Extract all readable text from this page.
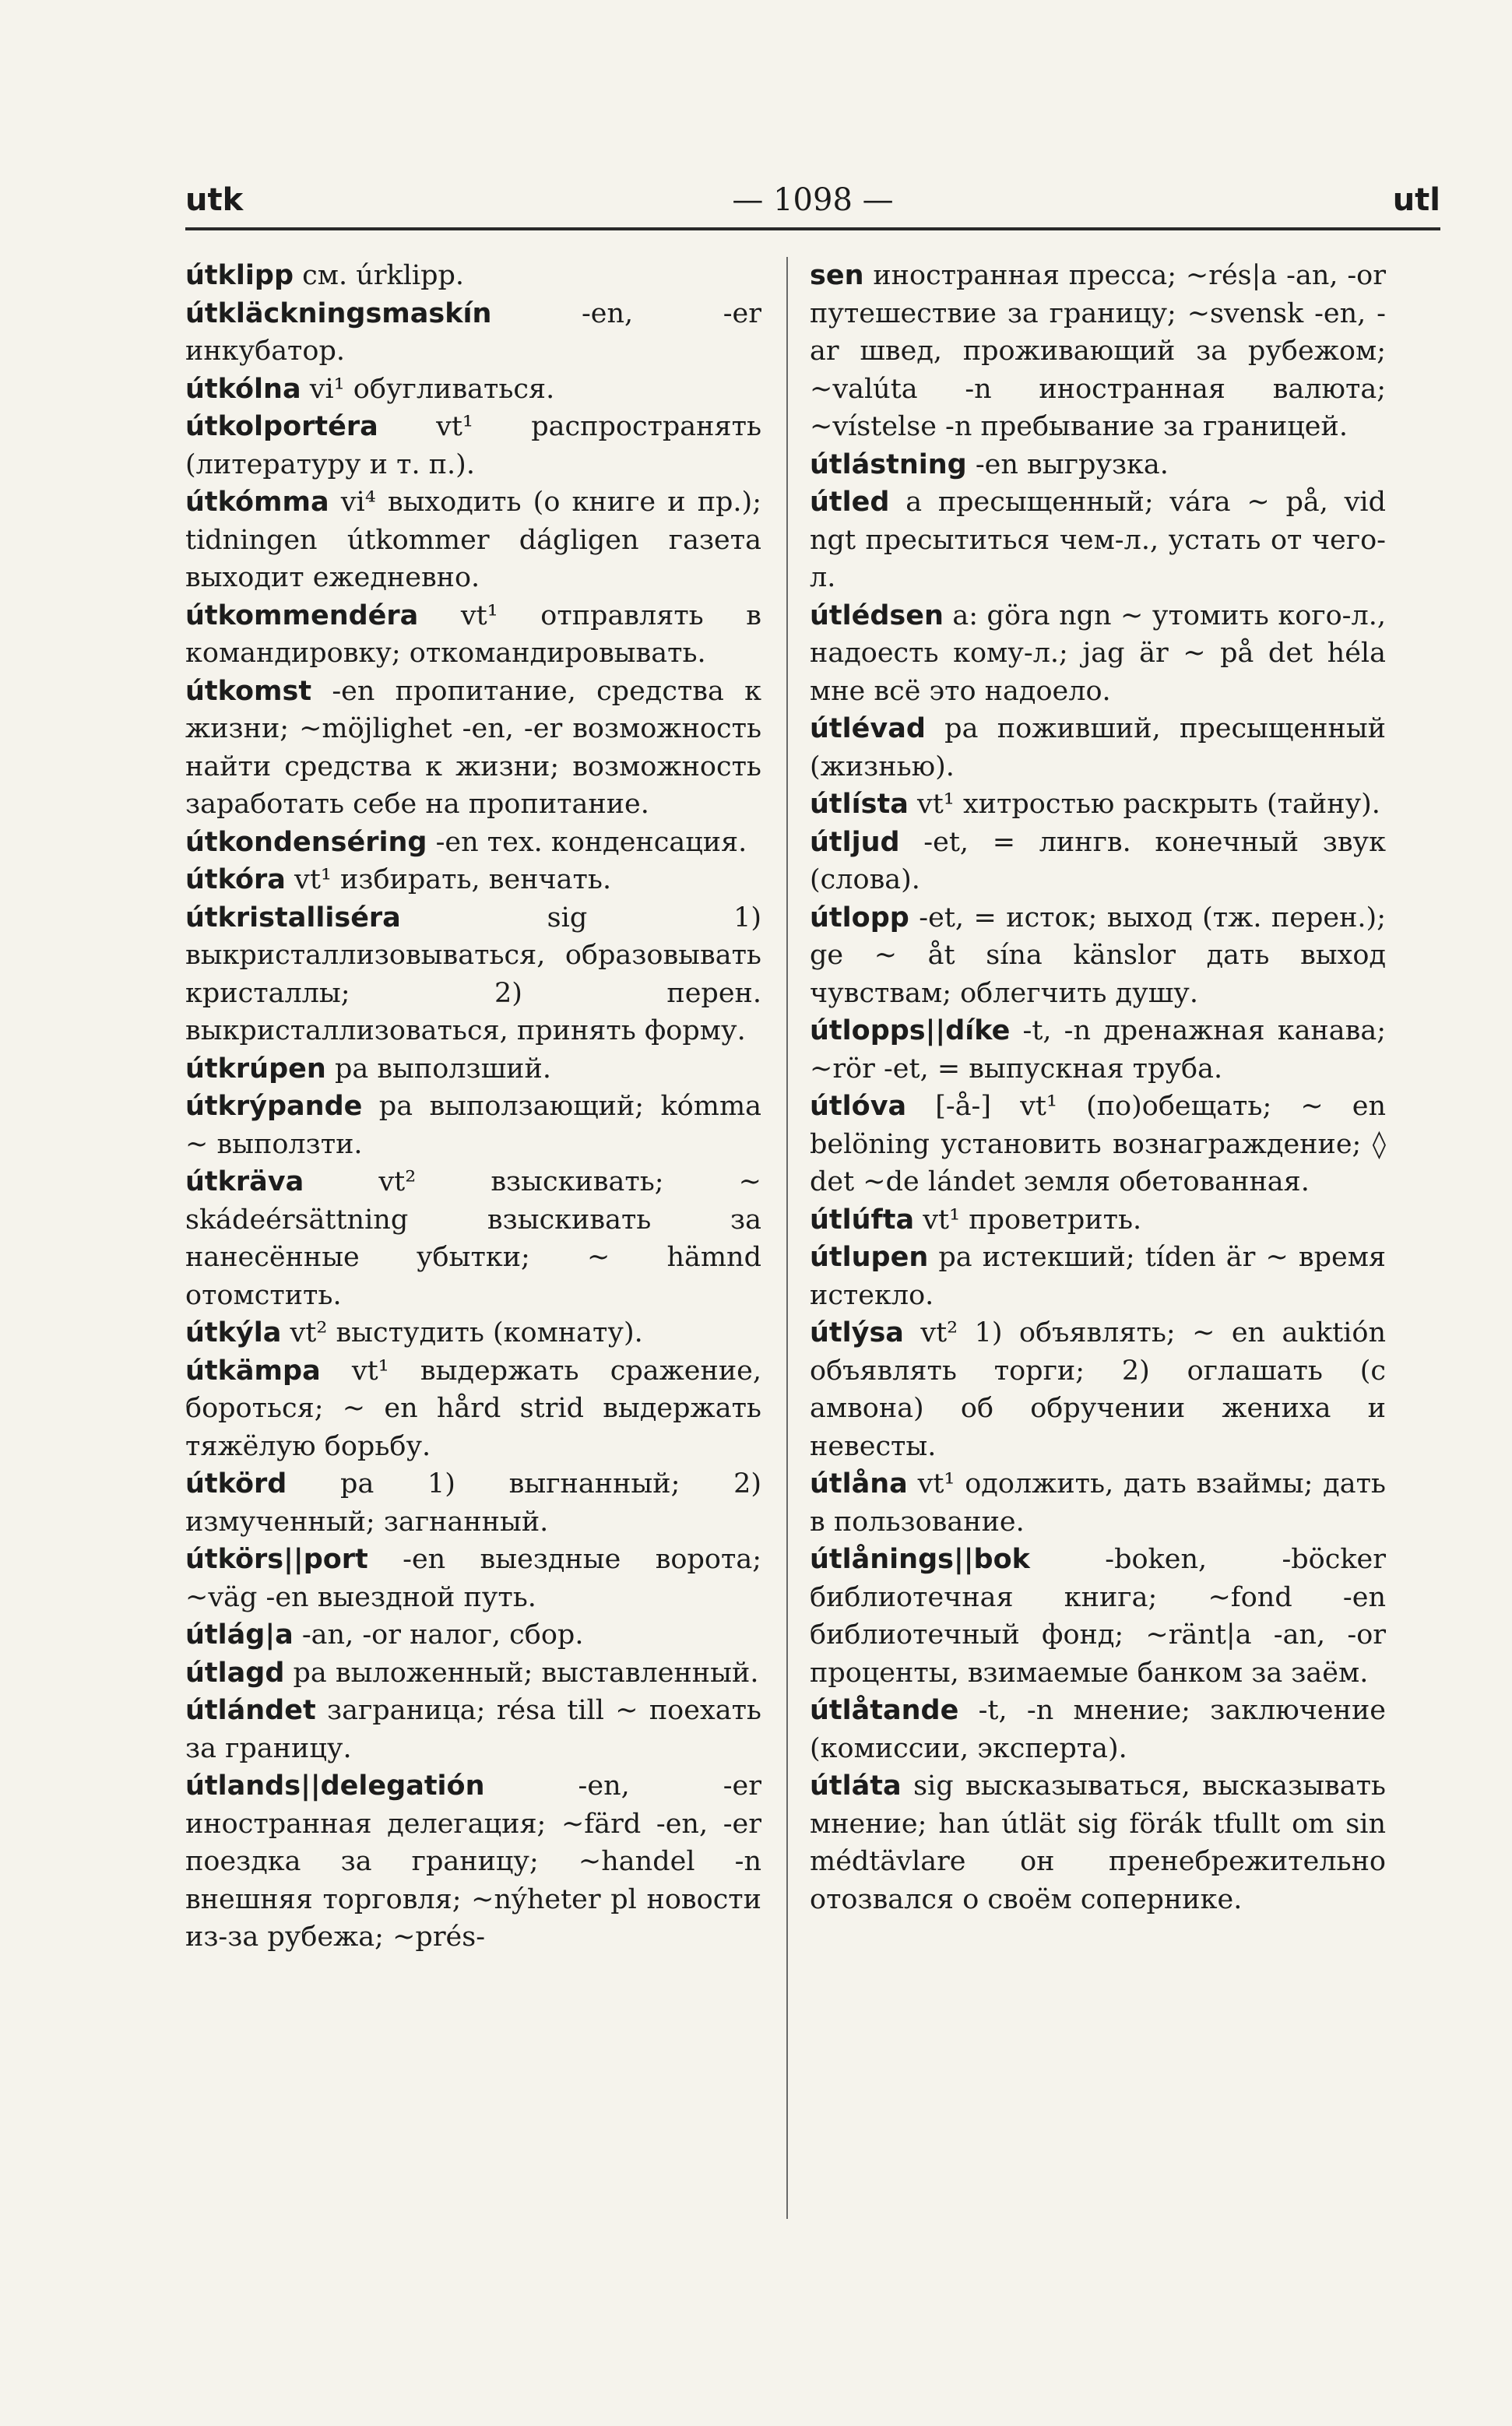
utk	— 1098 —	utl

útklipp см. úrklipp.

útkläckningsmaskín -en, -er инкубатор.

útkólna vi¹ обугливаться.

útkolportéra vt¹ распространять (литературу и т. п.).

útkómma vi⁴ выходить (о книге и пр.); tidningen útkommer dágligen газета выходит ежедневно.

útkommendéra vt¹ отправлять в командировку; откомандировывать.

útkomst -en пропитание, средства к жизни; ~möjlighet -en, -er возможность найти средства к жизни; возможность заработать себе на пропитание.

útkondenséring -en тех. конденсация.

útkóra vt¹ избирать, венчать.

útkristalliséra sig 1) выкристаллизовываться, образовывать кристаллы; 2) перен. выкристаллизоваться, принять форму.

útkrúpen pa выползший.

útkrýpande pa выползающий; kómma ~ выползти.

útkräva vt² взыскивать; ~ skádeérsättning взыскивать за нанесённые убытки; ~ hämnd отомстить.

útkýla vt² выстудить (комнату).

útkämpa vt¹ выдержать сражение, бороться; ~ en hård strid выдержать тяжёлую борьбу.

útkörd pa 1) выгнанный; 2) измученный; загнанный.

útkörs||port -en выездные ворота; ~väg -en выездной путь.

útlág|a -an, -or налог, сбор.

útlagd pa выложенный; выставленный.

útlándet заграница; résa till ~ поехать за границу.

útlands||delegatión -en, -er иностранная делегация; ~färd -en, -er поездка за границу; ~handel -n внешняя торговля; ~nýheter pl новости из-за рубежа; ~prés-

sen иностранная пресса; ~rés|a -an, -or путешествие за границу; ~svensk -en, -ar швед, проживающий за рубежом; ~valúta -n иностранная валюта; ~vístelse -n пребывание за границей.

útlástning -en выгрузка.

útled a пресыщенный; vára ~ på, vid ngt пресытиться чем-л., устать от чего-л.

útlédsen a: göra ngn ~ утомить кого-л., надоесть кому-л.; jag är ~ på det héla мне всё это надоело.

útlévad pa поживший, пресыщенный (жизнью).

útlísta vt¹ хитростью раскрыть (тайну).

útljud -et, = лингв. конечный звук (слова).

útlopp -et, = исток; выход (тж. перен.); ge ~ åt sína känslor дать выход чувствам; облегчить душу.

útlopps||díke -t, -n дренажная канава; ~rör -et, = выпускная труба.

útlóva [-å-] vt¹ (по)обещать; ~ en belöning установить вознаграждение; ◊ det ~de lándet земля обетованная.

útlúfta vt¹ проветрить.

útlupen pa истекший; tíden är ~ время истекло.

útlýsa vt² 1) объявлять; ~ en auktión объявлять торги; 2) оглашать (с амвона) об обручении жениха и невесты.

útlåna vt¹ одолжить, дать взаймы; дать в пользование.

útlånings||bok -boken, -böcker библиотечная книга; ~fond -en библиотечный фонд; ~ränt|a -an, -or проценты, взимаемые банком за заём.

útlåtande -t, -n мнение; заключение (комиссии, эксперта).

útláta sig высказываться, высказывать мнение; han útlät sig förák tfullt om sin médtävlare он пренебрежительно отозвался о своём сопернике.
